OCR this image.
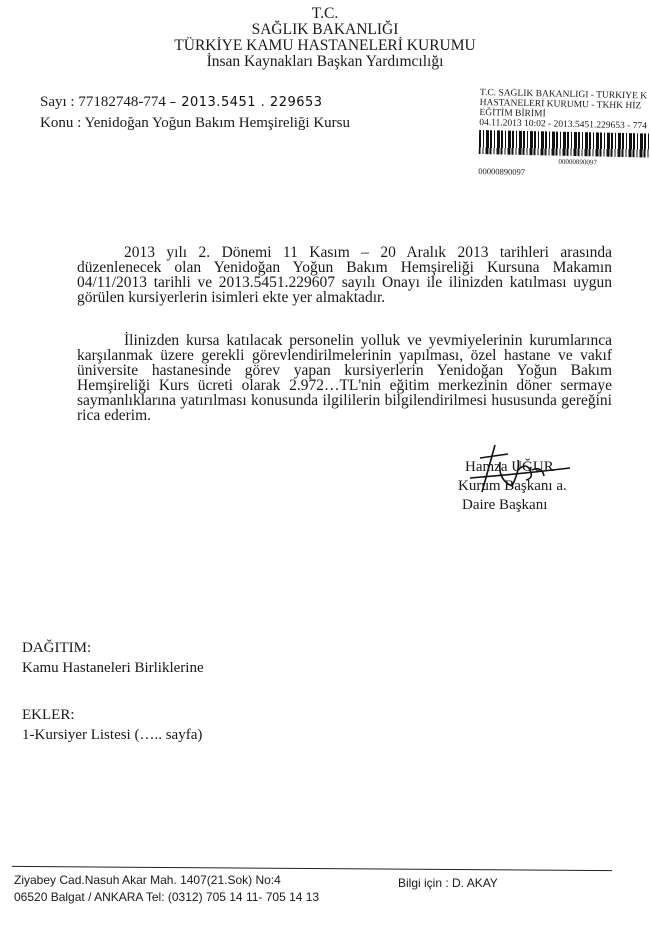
T.C.
SAĞLIK BAKANLIĞI
TÜRKİYE KAMU HASTANELERİ KURUMU
İnsan Kaynakları Başkan Yardımcılığı
Sayı : 77182748-774 – 2013.5451 . 229653
Konu : Yenidoğan Yoğun Bakım Hemşireliği Kursu
T.C. SAĞLIK BAKANLIĞI - TÜRKİYE K
HASTANELERİ KURUMU - TKHK HİZ
EĞİTİM BİRİMİ
04.11.2013 10:02 - 2013.5451.229653 - 774
00000890097
00000890097
2013 yılı 2. Dönemi 11 Kasım – 20 Aralık 2013 tarihleri arasında düzenlenecek olan Yenidoğan Yoğun Bakım Hemşireliği Kursuna Makamın 04/11/2013 tarihli ve 2013.5451.229607 sayılı Onayı ile ilinizden katılması uygun görülen kursiyerlerin isimleri ekte yer almaktadır.
İlinizden kursa katılacak personelin yolluk ve yevmiyelerinin kurumlarınca karşılanmak üzere gerekli görevlendirilmelerinin yapılması, özel hastane ve vakıf üniversite hastanesinde görev yapan kursiyerlerin Yenidoğan Yoğun Bakım Hemşireliği Kurs ücreti olarak 2.972…TL'nin eğitim merkezinin döner sermaye saymanlıklarına yatırılması konusunda ilgililerin bilgilendirilmesi hususunda gereğini rica ederim.
Hamza UĞUR
Kurum Başkanı a.
Daire Başkanı
DAĞITIM:
Kamu Hastaneleri Birliklerine
EKLER:
1-Kursiyer Listesi (….. sayfa)
Ziyabey Cad.Nasuh Akar Mah. 1407(21.Sok) No:4
06520 Balgat / ANKARA Tel: (0312) 705 14 11- 705 14 13
Bilgi için : D. AKAY
